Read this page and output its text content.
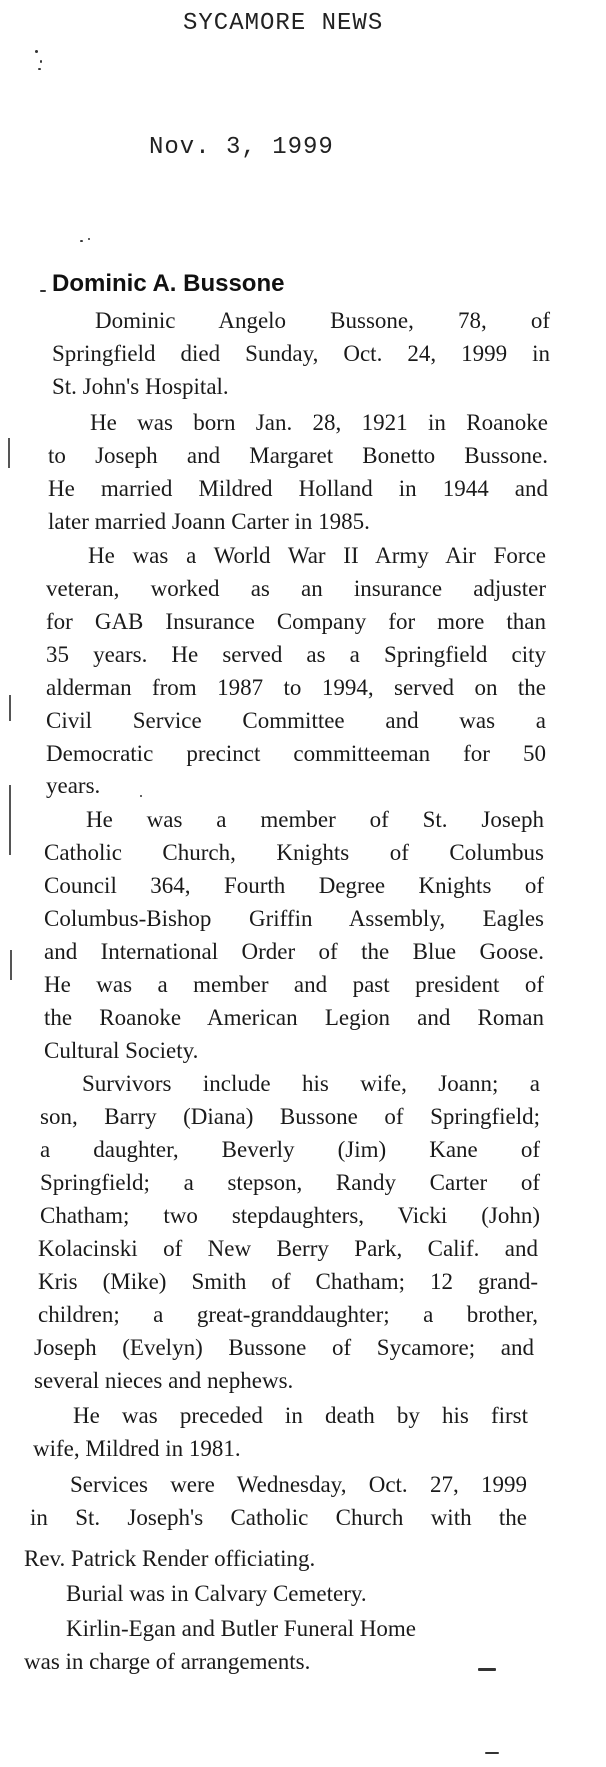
SYCAMORE NEWS

Nov. 3, 1999

Dominic A. Bussone

Dominic Angelo Bussone, 78, of

Springfield died Sunday, Oct. 24, 1999 in

St. John's Hospital.

He was born Jan. 28, 1921 in Roanoke

to Joseph and Margaret Bonetto Bussone.

He married Mildred Holland in 1944 and

later married Joann Carter in 1985.

He was a World War II Army Air Force

veteran, worked as an insurance adjuster

for GAB Insurance Company for more than

35 years. He served as a Springfield city

alderman from 1987 to 1994, served on the

Civil Service Committee and was a

Democratic precinct committeeman for 50

years.

He was a member of St. Joseph

Catholic Church, Knights of Columbus

Council 364, Fourth Degree Knights of

Columbus-Bishop Griffin Assembly, Eagles

and International Order of the Blue Goose.

He was a member and past president of

the Roanoke American Legion and Roman

Cultural Society.

Survivors include his wife, Joann; a

son, Barry (Diana) Bussone of Springfield;

a daughter, Beverly (Jim) Kane of

Springfield; a stepson, Randy Carter of

Chatham; two stepdaughters, Vicki (John)

Kolacinski of New Berry Park, Calif. and

Kris (Mike) Smith of Chatham; 12 grand-

children; a great-granddaughter; a brother,

Joseph (Evelyn) Bussone of Sycamore; and

several nieces and nephews.

He was preceded in death by his first

wife, Mildred in 1981.

Services were Wednesday, Oct. 27, 1999

in St. Joseph's Catholic Church with the

Rev. Patrick Render officiating.

Burial was in Calvary Cemetery.

Kirlin-Egan and Butler Funeral Home

was in charge of arrangements.
